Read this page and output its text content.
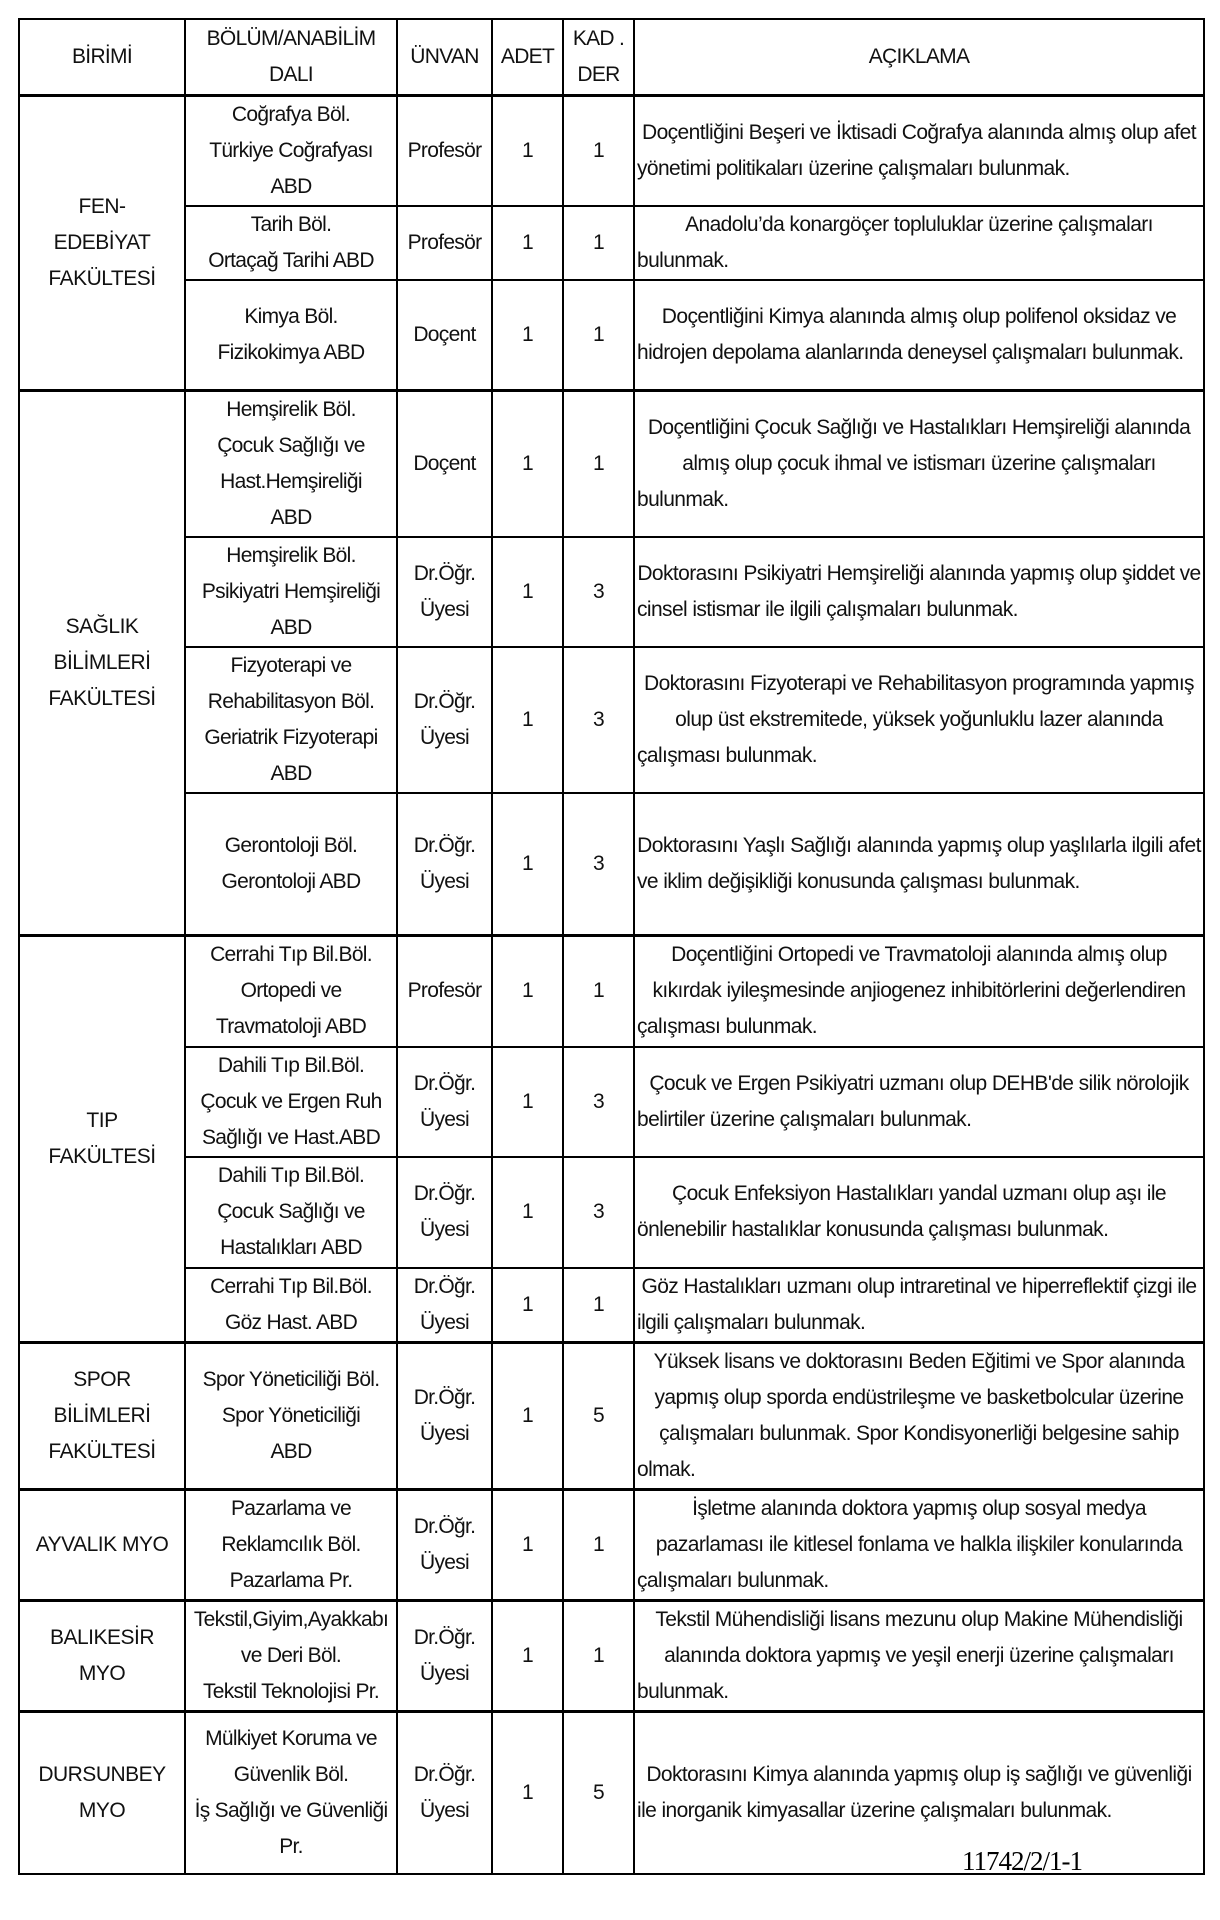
BİRİMİ	BÖLÜM/ANABİLİM
DALI	ÜNVAN	ADET	KAD .
DER	AÇIKLAMA

FEN-
EDEBİYAT
FAKÜLTESİ	Coğrafya Böl.
Türkiye Coğrafyası
ABD	Profesör	1	1	Doçentliğini Beşeri ve İktisadi Coğrafya alanında almış olup afet yönetimi politikaları üzerine çalışmaları bulunmak.

	Tarih Böl.
Ortaçağ Tarihi ABD	Profesör	1	1	Anadolu’da konargöçer topluluklar üzerine çalışmaları bulunmak.

	Kimya Böl.
Fizikokimya ABD	Doçent	1	1	Doçentliğini Kimya alanında almış olup polifenol oksidaz ve hidrojen depolama alanlarında deneysel çalışmaları bulunmak.

SAĞLIK
BİLİMLERİ
FAKÜLTESİ	Hemşirelik Böl.
Çocuk Sağlığı ve
Hast.Hemşireliği
ABD	Doçent	1	1	Doçentliğini Çocuk Sağlığı ve Hastalıkları Hemşireliği alanında almış olup çocuk ihmal ve istismarı üzerine çalışmaları bulunmak.

	Hemşirelik Böl.
Psikiyatri Hemşireliği
ABD	Dr.Öğr.
Üyesi	1	3	Doktorasını Psikiyatri Hemşireliği alanında yapmış olup şiddet ve cinsel istismar ile ilgili çalışmaları bulunmak.

	Fizyoterapi ve
Rehabilitasyon Böl.
Geriatrik Fizyoterapi
ABD	Dr.Öğr.
Üyesi	1	3	Doktorasını Fizyoterapi ve Rehabilitasyon programında yapmış olup üst ekstremitede, yüksek yoğunluklu lazer alanında çalışması bulunmak.

	Gerontoloji Böl.
Gerontoloji ABD	Dr.Öğr.
Üyesi	1	3	Doktorasını Yaşlı Sağlığı alanında yapmış olup yaşlılarla ilgili afet ve iklim değişikliği konusunda çalışması bulunmak.

TIP
FAKÜLTESİ	Cerrahi Tıp Bil.Böl.
Ortopedi ve
Travmatoloji ABD	Profesör	1	1	Doçentliğini Ortopedi ve Travmatoloji alanında almış olup kıkırdak iyileşmesinde anjiogenez inhibitörlerini değerlendiren çalışması bulunmak.

	Dahili Tıp Bil.Böl.
Çocuk ve Ergen Ruh
Sağlığı ve Hast.ABD	Dr.Öğr.
Üyesi	1	3	Çocuk ve Ergen Psikiyatri uzmanı olup DEHB'de silik nörolojik belirtiler üzerine çalışmaları bulunmak.

	Dahili Tıp Bil.Böl.
Çocuk Sağlığı ve
Hastalıkları ABD	Dr.Öğr.
Üyesi	1	3	Çocuk Enfeksiyon Hastalıkları yandal uzmanı olup aşı ile önlenebilir hastalıklar konusunda çalışması bulunmak.

	Cerrahi Tıp Bil.Böl.
Göz Hast. ABD	Dr.Öğr.
Üyesi	1	1	Göz Hastalıkları uzmanı olup intraretinal ve hiperreflektif çizgi ile ilgili çalışmaları bulunmak.

SPOR
BİLİMLERİ
FAKÜLTESİ	Spor Yöneticiliği Böl.
Spor Yöneticiliği
ABD	Dr.Öğr.
Üyesi	1	5	Yüksek lisans ve doktorasını Beden Eğitimi ve Spor alanında yapmış olup sporda endüstrileşme ve basketbolcular üzerine çalışmaları bulunmak. Spor Kondisyonerliği belgesine sahip olmak.

AYVALIK MYO	Pazarlama ve
Reklamcılık Böl.
Pazarlama Pr.	Dr.Öğr.
Üyesi	1	1	İşletme alanında doktora yapmış olup sosyal medya pazarlaması ile kitlesel fonlama ve halkla ilişkiler konularında çalışmaları bulunmak.

BALIKESİR
MYO	Tekstil,Giyim,Ayakkabı
ve Deri Böl.
Tekstil Teknolojisi Pr.	Dr.Öğr.
Üyesi	1	1	Tekstil Mühendisliği lisans mezunu olup Makine Mühendisliği alanında doktora yapmış ve yeşil enerji üzerine çalışmaları bulunmak.

DURSUNBEY
MYO	Mülkiyet Koruma ve
Güvenlik Böl.
İş Sağlığı ve Güvenliği
Pr.	Dr.Öğr.
Üyesi	1	5	Doktorasını Kimya alanında yapmış olup iş sağlığı ve güvenliği ile inorganik kimyasallar üzerine çalışmaları bulunmak.
11742/2/1-1
